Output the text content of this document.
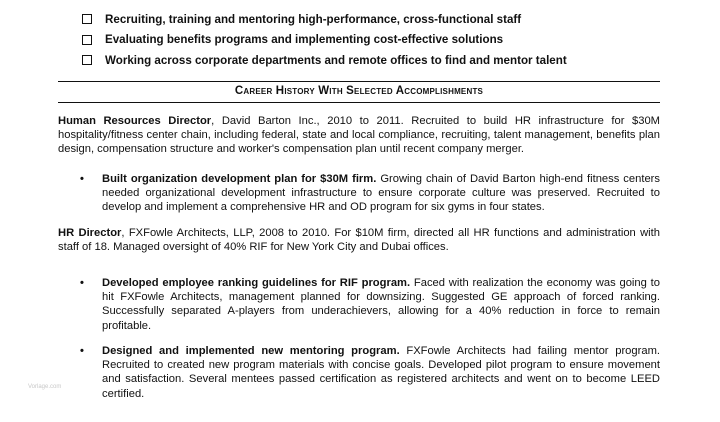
Recruiting, training and mentoring high-performance, cross-functional staff
Evaluating benefits programs and implementing cost-effective solutions
Working across corporate departments and remote offices to find and mentor talent
Career History With Selected Accomplishments
Human Resources Director, David Barton Inc., 2010 to 2011. Recruited to build HR infrastructure for $30M hospitality/fitness center chain, including federal, state and local compliance, recruiting, talent management, benefits plan design, compensation structure and worker's compensation plan until recent company merger.
• Built organization development plan for $30M firm. Growing chain of David Barton high-end fitness centers needed organizational development infrastructure to ensure corporate culture was preserved. Recruited to develop and implement a comprehensive HR and OD program for six gyms in four states.
HR Director, FXFowle Architects, LLP, 2008 to 2010. For $10M firm, directed all HR functions and administration with staff of 18. Managed oversight of 40% RIF for New York City and Dubai offices.
• Developed employee ranking guidelines for RIF program. Faced with realization the economy was going to hit FXFowle Architects, management planned for downsizing. Suggested GE approach of forced ranking. Successfully separated A-players from underachievers, allowing for a 40% reduction in force to remain profitable.
• Designed and implemented new mentoring program. FXFowle Architects had failing mentor program. Recruited to created new program materials with concise goals. Developed pilot program to ensure movement and satisfaction. Several mentees passed certification as registered architects and went on to become LEED certified.
Vorlage.com
